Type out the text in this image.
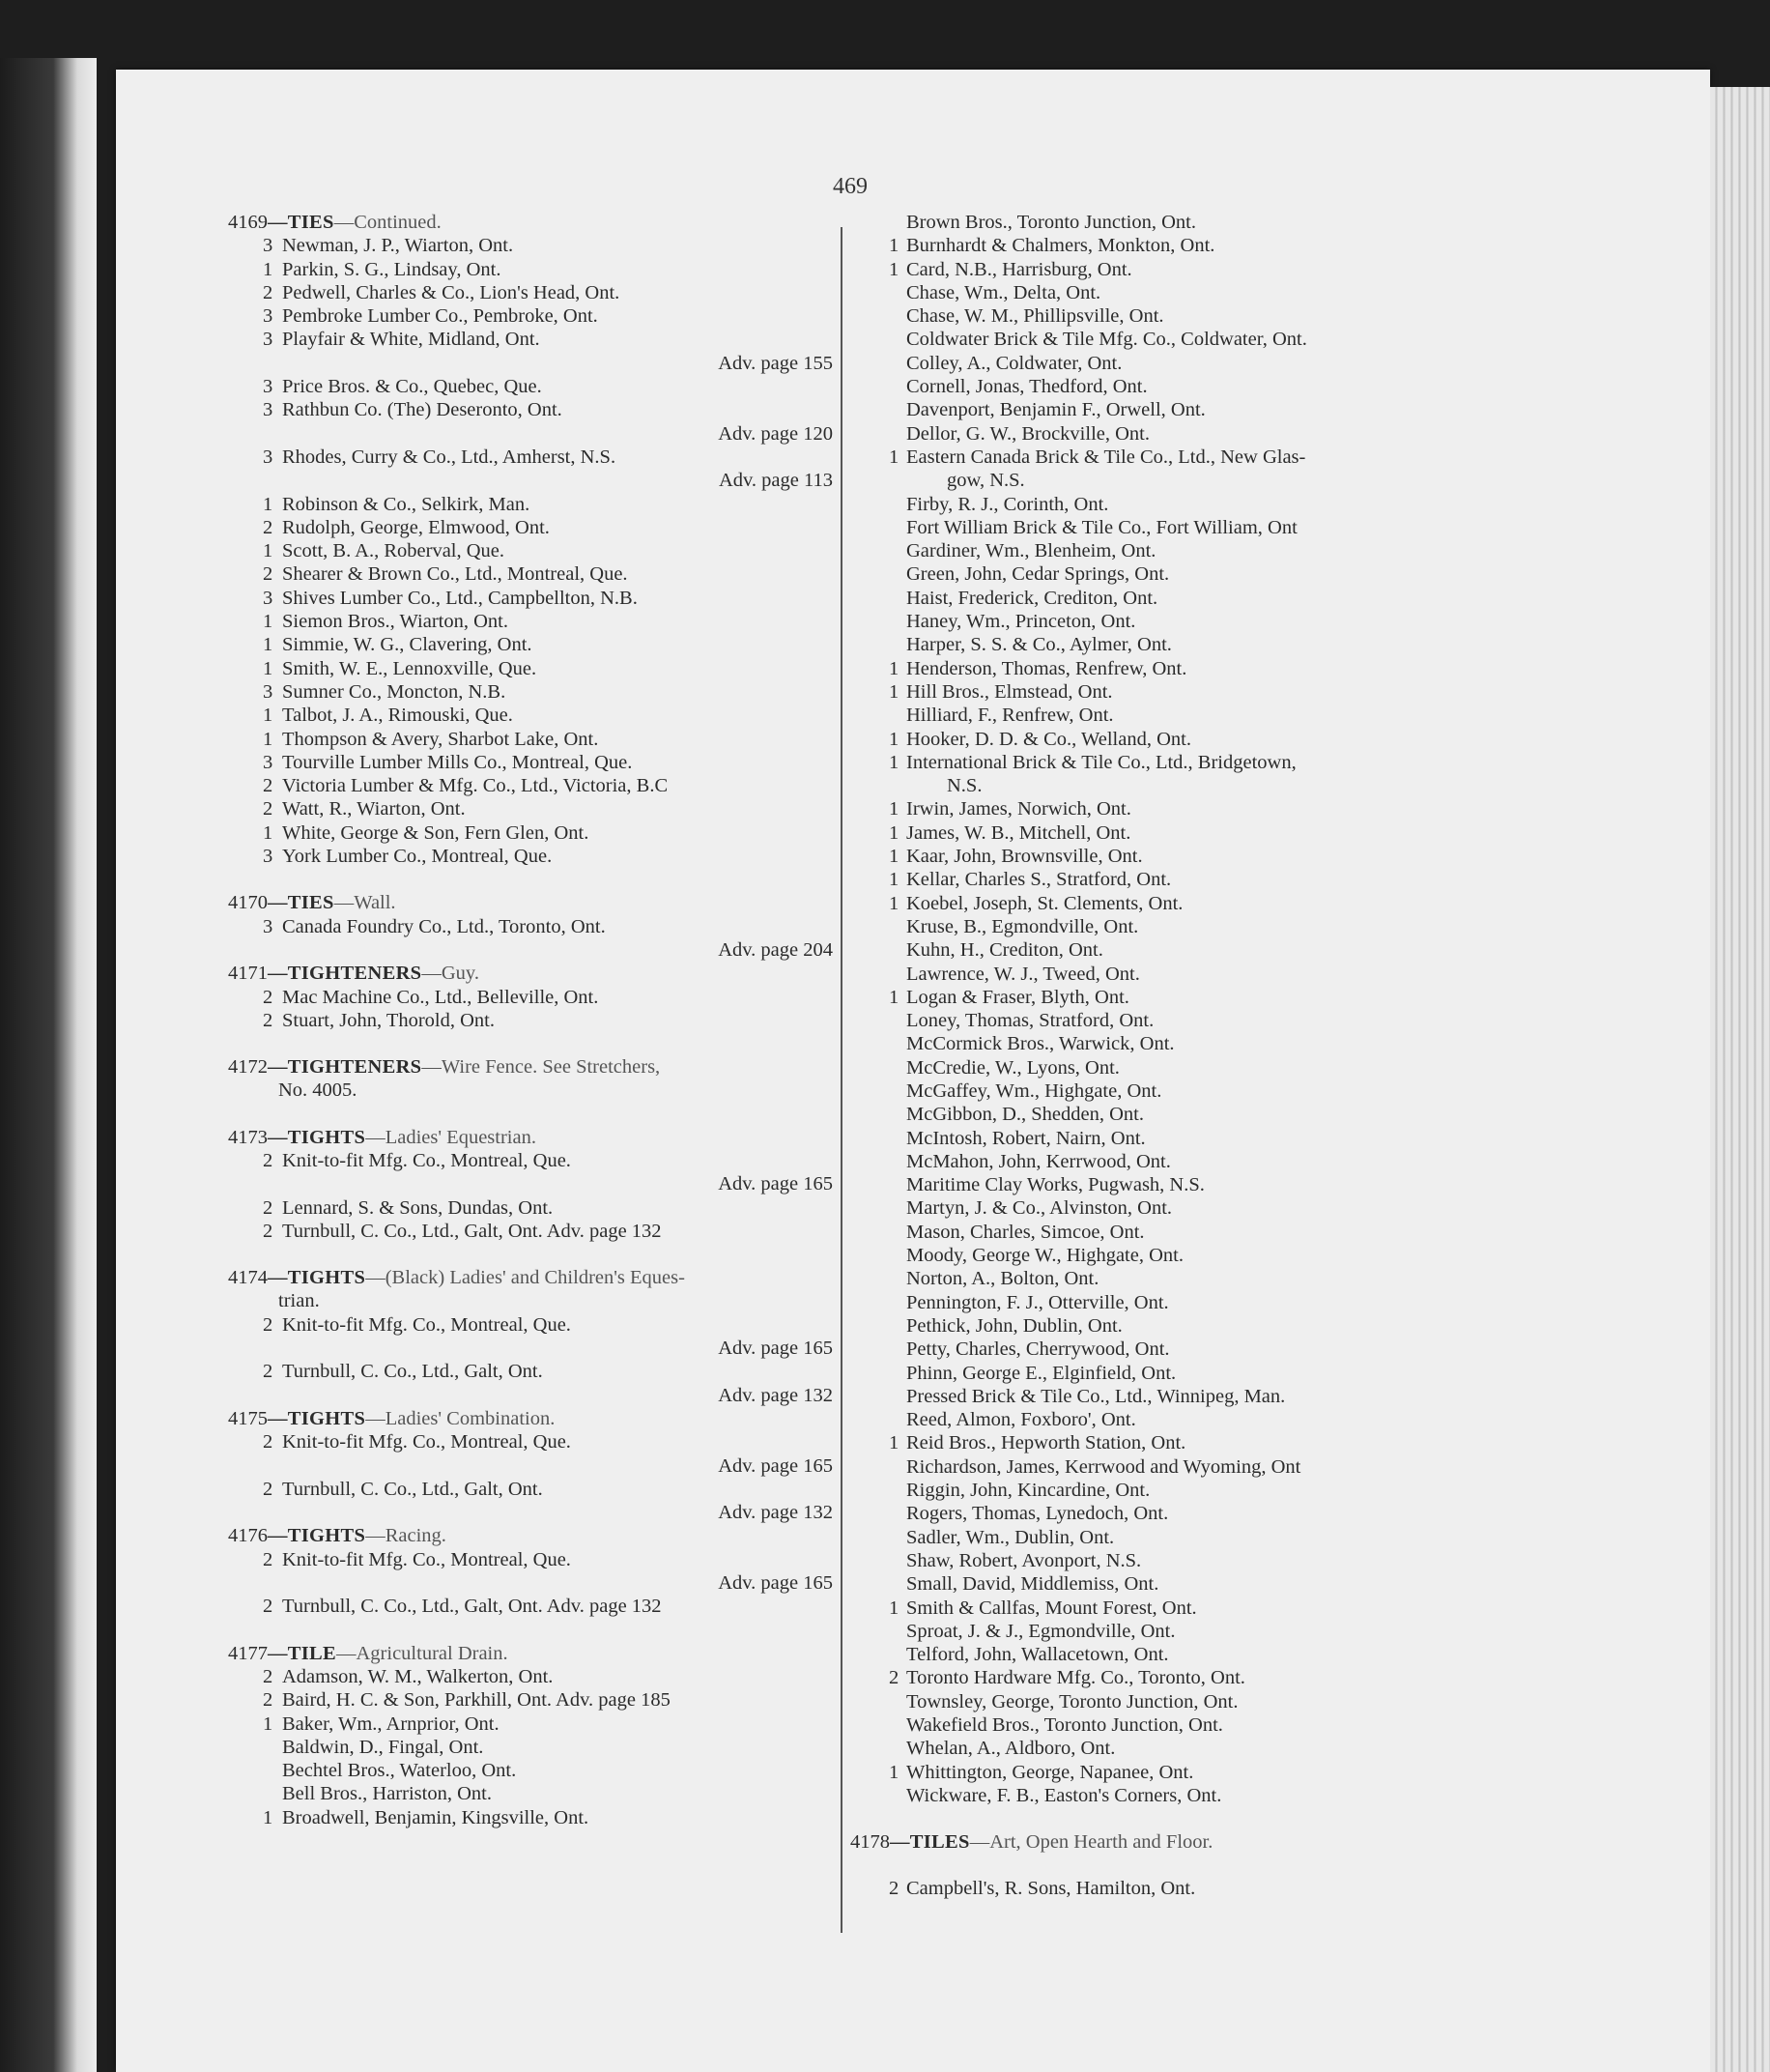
469
4169—TIES—Continued.
3 Newman, J. P., Wiarton, Ont.
1 Parkin, S. G., Lindsay, Ont.
2 Pedwell, Charles & Co., Lion's Head, Ont.
3 Pembroke Lumber Co., Pembroke, Ont.
3 Playfair & White, Midland, Ont.
Adv. page 155
3 Price Bros. & Co., Quebec, Que.
3 Rathbun Co. (The) Deseronto, Ont.
Adv. page 120
3 Rhodes, Curry & Co., Ltd., Amherst, N.S.
Adv. page 113
1 Robinson & Co., Selkirk, Man.
2 Rudolph, George, Elmwood, Ont.
1 Scott, B. A., Roberval, Que.
2 Shearer & Brown Co., Ltd., Montreal, Que.
3 Shives Lumber Co., Ltd., Campbellton, N.B.
1 Siemon Bros., Wiarton, Ont.
1 Simmie, W. G., Clavering, Ont.
1 Smith, W. E., Lennoxville, Que.
3 Sumner Co., Moncton, N.B.
1 Talbot, J. A., Rimouski, Que.
1 Thompson & Avery, Sharbot Lake, Ont.
3 Tourville Lumber Mills Co., Montreal, Que.
2 Victoria Lumber & Mfg. Co., Ltd., Victoria, B.C
2 Watt, R., Wiarton, Ont.
1 White, George & Son, Fern Glen, Ont.
3 York Lumber Co., Montreal, Que.
4170—TIES—Wall.
3 Canada Foundry Co., Ltd., Toronto, Ont.
Adv. page 204
4171—TIGHTENERS—Guy.
2 Mac Machine Co., Ltd., Belleville, Ont.
2 Stuart, John, Thorold, Ont.
4172—TIGHTENERS—Wire Fence. See Stretchers,
No. 4005.
4173—TIGHTS—Ladies' Equestrian.
2 Knit-to-fit Mfg. Co., Montreal, Que.
Adv. page 165
2 Lennard, S. & Sons, Dundas, Ont.
2 Turnbull, C. Co., Ltd., Galt, Ont. Adv. page 132
4174—TIGHTS—(Black) Ladies' and Children's Eques-
trian.
2 Knit-to-fit Mfg. Co., Montreal, Que.
Adv. page 165
2 Turnbull, C. Co., Ltd., Galt, Ont.
Adv. page 132
4175—TIGHTS—Ladies' Combination.
2 Knit-to-fit Mfg. Co., Montreal, Que.
Adv. page 165
2 Turnbull, C. Co., Ltd., Galt, Ont.
Adv. page 132
4176—TIGHTS—Racing.
2 Knit-to-fit Mfg. Co., Montreal, Que.
Adv. page 165
2 Turnbull, C. Co., Ltd., Galt, Ont. Adv. page 132
4177—TILE—Agricultural Drain.
2 Adamson, W. M., Walkerton, Ont.
2 Baird, H. C. & Son, Parkhill, Ont. Adv. page 185
1 Baker, Wm., Arnprior, Ont.
Baldwin, D., Fingal, Ont.
Bechtel Bros., Waterloo, Ont.
Bell Bros., Harriston, Ont.
1 Broadwell, Benjamin, Kingsville, Ont.
Brown Bros., Toronto Junction, Ont.
1 Burnhardt & Chalmers, Monkton, Ont.
1 Card, N.B., Harrisburg, Ont.
Chase, Wm., Delta, Ont.
Chase, W. M., Phillipsville, Ont.
Coldwater Brick & Tile Mfg. Co., Coldwater, Ont.
Colley, A., Coldwater, Ont.
Cornell, Jonas, Thedford, Ont.
Davenport, Benjamin F., Orwell, Ont.
Dellor, G. W., Brockville, Ont.
1 Eastern Canada Brick & Tile Co., Ltd., New Glas-
gow, N.S.
Firby, R. J., Corinth, Ont.
Fort William Brick & Tile Co., Fort William, Ont
Gardiner, Wm., Blenheim, Ont.
Green, John, Cedar Springs, Ont.
Haist, Frederick, Crediton, Ont.
Haney, Wm., Princeton, Ont.
Harper, S. S. & Co., Aylmer, Ont.
1 Henderson, Thomas, Renfrew, Ont.
1 Hill Bros., Elmstead, Ont.
Hilliard, F., Renfrew, Ont.
1 Hooker, D. D. & Co., Welland, Ont.
1 International Brick & Tile Co., Ltd., Bridgetown,
N.S.
1 Irwin, James, Norwich, Ont.
1 James, W. B., Mitchell, Ont.
1 Kaar, John, Brownsville, Ont.
1 Kellar, Charles S., Stratford, Ont.
1 Koebel, Joseph, St. Clements, Ont.
Kruse, B., Egmondville, Ont.
Kuhn, H., Crediton, Ont.
Lawrence, W. J., Tweed, Ont.
1 Logan & Fraser, Blyth, Ont.
Loney, Thomas, Stratford, Ont.
McCormick Bros., Warwick, Ont.
McCredie, W., Lyons, Ont.
McGaffey, Wm., Highgate, Ont.
McGibbon, D., Shedden, Ont.
McIntosh, Robert, Nairn, Ont.
McMahon, John, Kerrwood, Ont.
Maritime Clay Works, Pugwash, N.S.
Martyn, J. & Co., Alvinston, Ont.
Mason, Charles, Simcoe, Ont.
Moody, George W., Highgate, Ont.
Norton, A., Bolton, Ont.
Pennington, F. J., Otterville, Ont.
Pethick, John, Dublin, Ont.
Petty, Charles, Cherrywood, Ont.
Phinn, George E., Elginfield, Ont.
Pressed Brick & Tile Co., Ltd., Winnipeg, Man.
Reed, Almon, Foxboro', Ont.
1 Reid Bros., Hepworth Station, Ont.
Richardson, James, Kerrwood and Wyoming, Ont
Riggin, John, Kincardine, Ont.
Rogers, Thomas, Lynedoch, Ont.
Sadler, Wm., Dublin, Ont.
Shaw, Robert, Avonport, N.S.
Small, David, Middlemiss, Ont.
1 Smith & Callfas, Mount Forest, Ont.
Sproat, J. & J., Egmondville, Ont.
Telford, John, Wallacetown, Ont.
2 Toronto Hardware Mfg. Co., Toronto, Ont.
Townsley, George, Toronto Junction, Ont.
Wakefield Bros., Toronto Junction, Ont.
Whelan, A., Aldboro, Ont.
1 Whittington, George, Napanee, Ont.
Wickware, F. B., Easton's Corners, Ont.
4178—TILES—Art, Open Hearth and Floor.
2 Campbell's, R. Sons, Hamilton, Ont.
